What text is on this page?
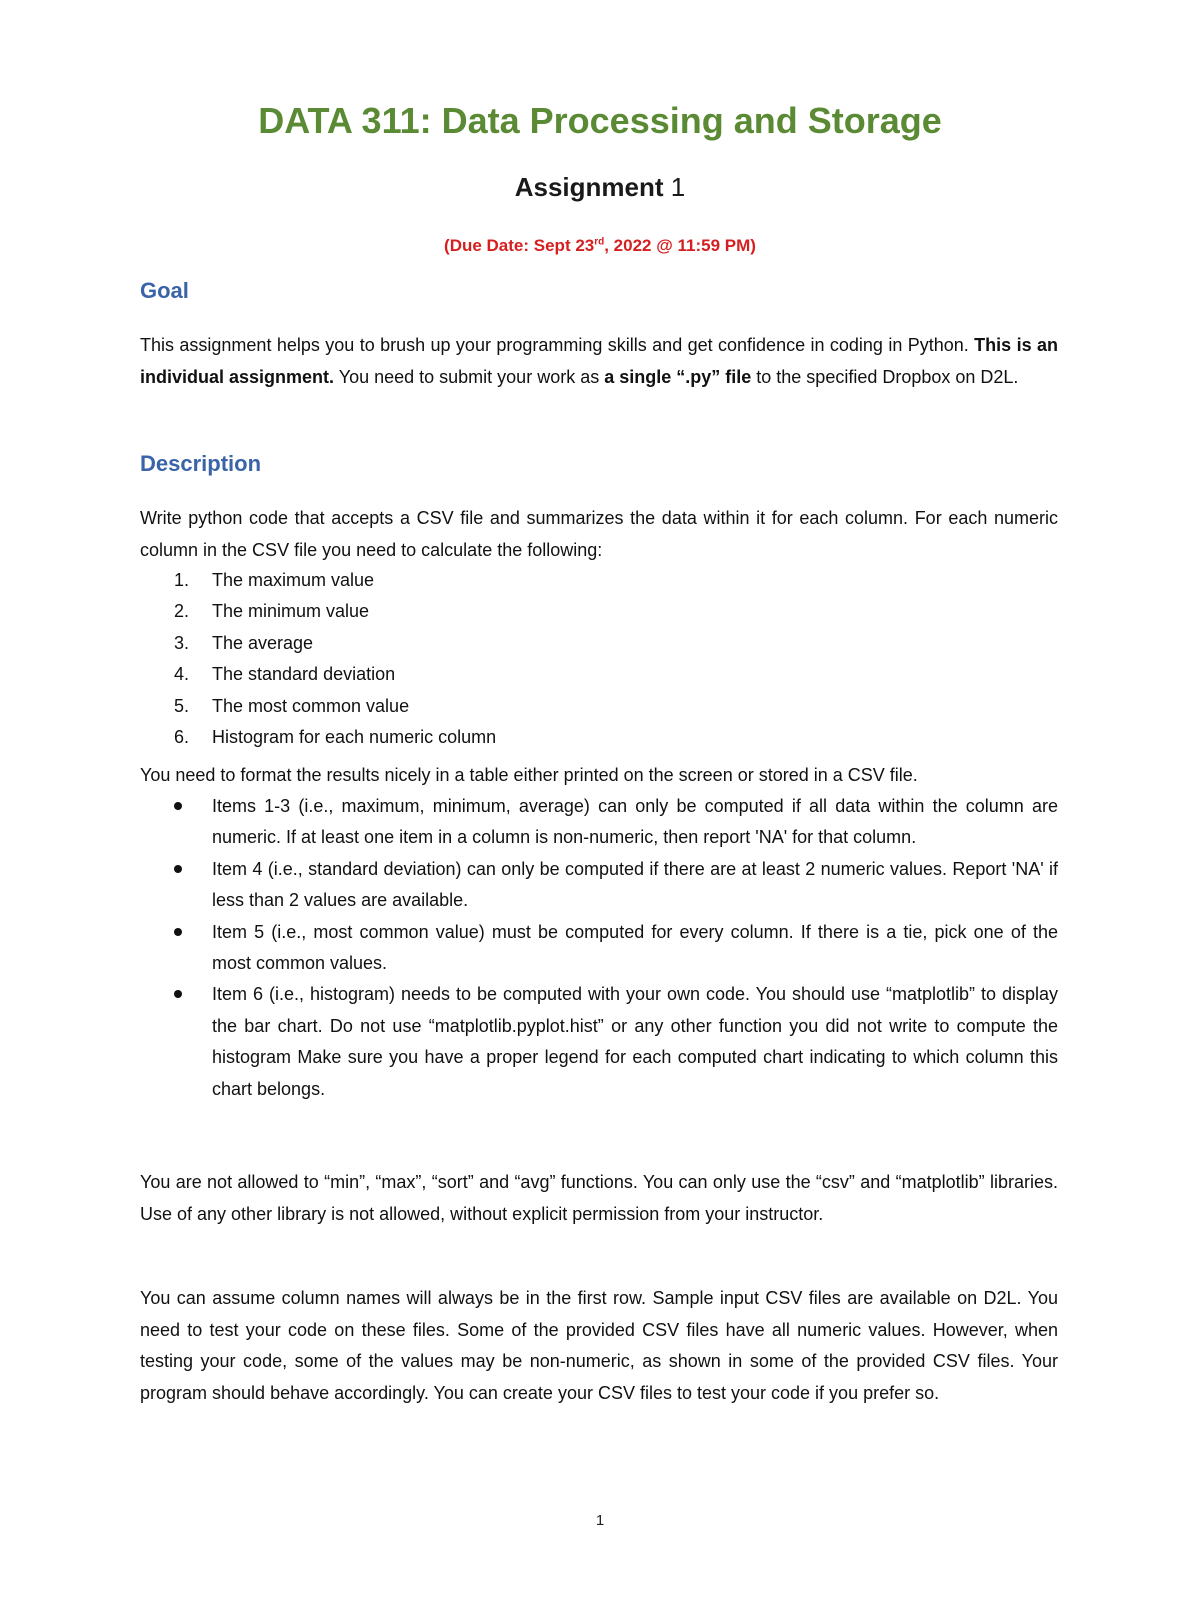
DATA 311: Data Processing and Storage
Assignment 1
(Due Date: Sept 23rd, 2022 @ 11:59 PM)
Goal
This assignment helps you to brush up your programming skills and get confidence in coding in Python. This is an individual assignment. You need to submit your work as a single “.py” file to the specified Dropbox on D2L.
Description
Write python code that accepts a CSV file and summarizes the data within it for each column. For each numeric column in the CSV file you need to calculate the following:
1. The maximum value
2. The minimum value
3. The average
4. The standard deviation
5. The most common value
6. Histogram for each numeric column
You need to format the results nicely in a table either printed on the screen or stored in a CSV file.
Items 1-3 (i.e., maximum, minimum, average) can only be computed if all data within the column are numeric. If at least one item in a column is non-numeric, then report 'NA' for that column.
Item 4 (i.e., standard deviation) can only be computed if there are at least 2 numeric values. Report 'NA' if less than 2 values are available.
Item 5 (i.e., most common value) must be computed for every column. If there is a tie, pick one of the most common values.
Item 6 (i.e., histogram) needs to be computed with your own code. You should use “matplotlib” to display the bar chart. Do not use “matplotlib.pyplot.hist” or any other function you did not write to compute the histogram Make sure you have a proper legend for each computed chart indicating to which column this chart belongs.
You are not allowed to “min”, “max”, “sort” and “avg” functions. You can only use the “csv” and “matplotlib” libraries. Use of any other library is not allowed, without explicit permission from your instructor.
You can assume column names will always be in the first row. Sample input CSV files are available on D2L. You need to test your code on these files. Some of the provided CSV files have all numeric values. However, when testing your code, some of the values may be non-numeric, as shown in some of the provided CSV files. Your program should behave accordingly. You can create your CSV files to test your code if you prefer so.
1
